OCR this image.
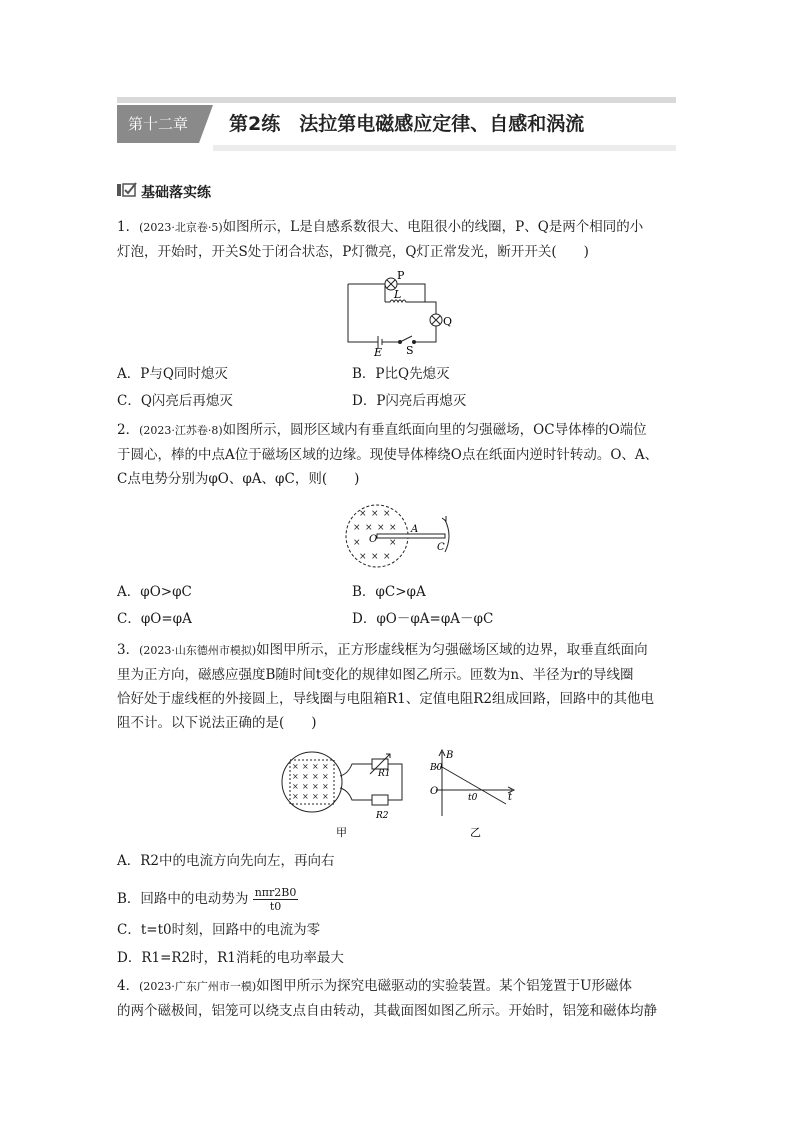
第十二章	第2练　法拉第电磁感应定律、自感和涡流
基础落实练
1．(2023·北京卷·5)如图所示，L是自感系数很大、电阻很小的线圈，P、Q是两个相同的小
灯泡，开始时，开关S处于闭合状态，P灯微亮，Q灯正常发光，断开开关(　　)
P
L
Q
E S
A．P与Q同时熄灭	B．P比Q先熄灭
C．Q闪亮后再熄灭	D．P闪亮后再熄灭
2．(2023·江苏卷·8)如图所示，圆形区域内有垂直纸面向里的匀强磁场，OC导体棒的O端位
于圆心，棒的中点A位于磁场区域的边缘。现使导体棒绕O点在纸面内逆时针转动。O、A、
C点电势分别为φO、φA、φC，则(　　)
× × ×
× × × ×
×	×
× × ×
O
A
C
A．φO>φC	B．φC>φA
C．φO=φA	D．φO－φA=φA－φC
3．(2023·山东德州市模拟)如图甲所示，正方形虚线框为匀强磁场区域的边界，取垂直纸面向
里为正方向，磁感应强度B随时间t变化的规律如图乙所示。匝数为n、半径为r的导线圈
恰好处于虚线框的外接圆上，导线圈与电阻箱R1、定值电阻R2组成回路，回路中的其他电
阻不计。以下说法正确的是(　　)
× × × ×
× × × ×
× × × ×
× × × ×
R1
R2
甲
B
B0
O
t0	t
乙
A．R2中的电流方向先向左，再向右
B．回路中的电动势为 nπr2B0
t0
C．t=t0时刻，回路中的电流为零
D．R1=R2时，R1消耗的电功率最大
4．(2023·广东广州市一模)如图甲所示为探究电磁驱动的实验装置。某个铝笼置于U形磁体
的两个磁极间，铝笼可以绕支点自由转动，其截面图如图乙所示。开始时，铝笼和磁体均静
